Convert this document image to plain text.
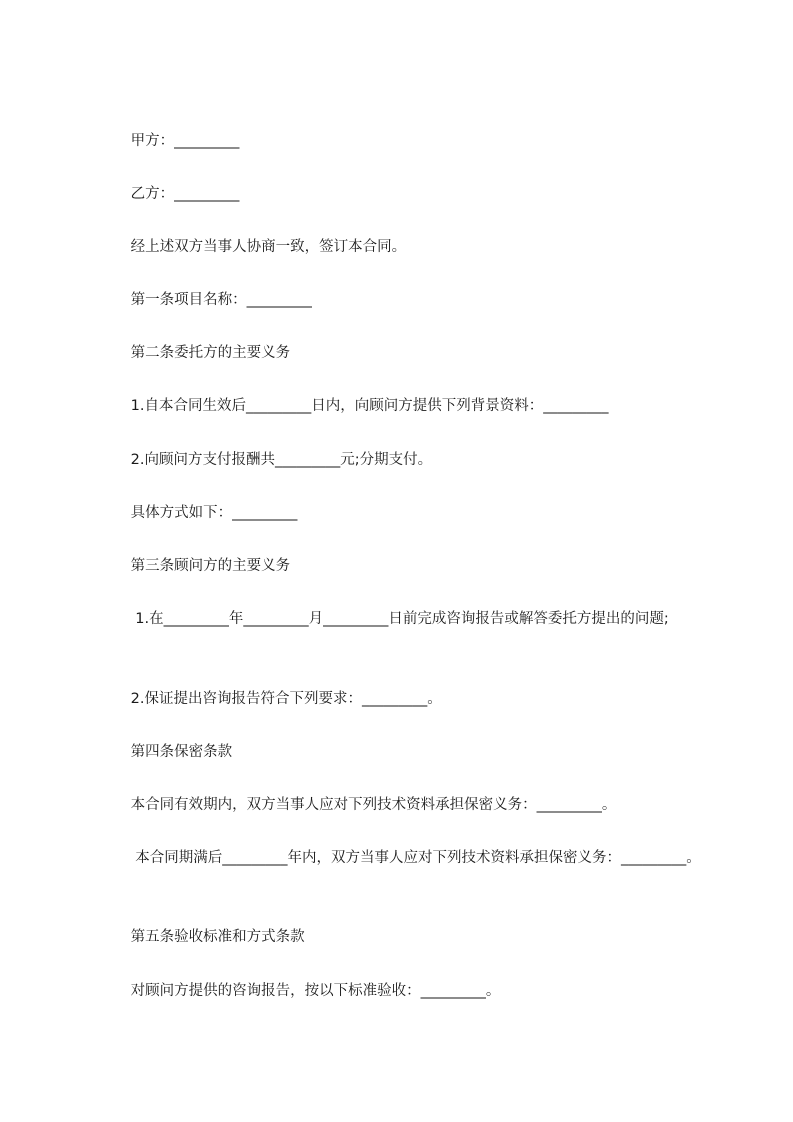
甲方：_________

乙方：_________

经上述双方当事人协商一致，签订本合同。

第一条项目名称：_________

第二条委托方的主要义务

1.自本合同生效后_________日内，向顾问方提供下列背景资料：_________

2.向顾问方支付报酬共_________元;分期支付。

具体方式如下：_________

第三条顾问方的主要义务

1.在_________年_________月_________日前完成咨询报告或解答委托方提出的问题;

2.保证提出咨询报告符合下列要求：_________。

第四条保密条款

本合同有效期内，双方当事人应对下列技术资料承担保密义务：_________。

本合同期满后_________年内，双方当事人应对下列技术资料承担保密义务：_________。

第五条验收标准和方式条款

对顾问方提供的咨询报告，按以下标准验收：_________。
